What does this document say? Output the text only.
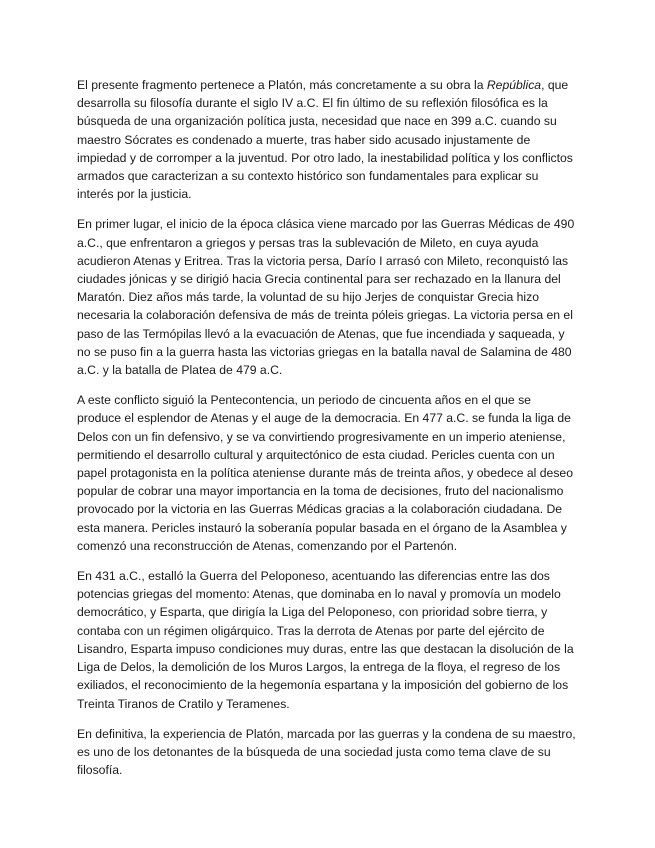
El presente fragmento pertenece a Platón, más concretamente a su obra la República, que desarrolla su filosofía durante el siglo IV a.C. El fin último de su reflexión filosófica es la búsqueda de una organización política justa, necesidad que nace en 399 a.C. cuando su maestro Sócrates es condenado a muerte, tras haber sido acusado injustamente de impiedad y de corromper a la juventud. Por otro lado, la inestabilidad política y los conflictos armados que caracterizan a su contexto histórico son fundamentales para explicar su interés por la justicia.

En primer lugar, el inicio de la época clásica viene marcado por las Guerras Médicas de 490 a.C., que enfrentaron a griegos y persas tras la sublevación de Mileto, en cuya ayuda acudieron Atenas y Eritrea. Tras la victoria persa, Darío I arrasó con Mileto, reconquistó las ciudades jónicas y se dirigió hacia Grecia continental para ser rechazado en la llanura del Maratón. Diez años más tarde, la voluntad de su hijo Jerjes de conquistar Grecia hizo necesaria la colaboración defensiva de más de treinta póleis griegas. La victoria persa en el paso de las Termópilas llevó a la evacuación de Atenas, que fue incendiada y saqueada, y no se puso fin a la guerra hasta las victorias griegas en la batalla naval de Salamina de 480 a.C. y la batalla de Platea de 479 a.C.

A este conflicto siguió la Pentecontencia, un periodo de cincuenta años en el que se produce el esplendor de Atenas y el auge de la democracia. En 477 a.C. se funda la liga de Delos con un fin defensivo, y se va convirtiendo progresivamente en un imperio ateniense, permitiendo el desarrollo cultural y arquitectónico de esta ciudad. Pericles cuenta con un papel protagonista en la política ateniense durante más de treinta años, y obedece al deseo popular de cobrar una mayor importancia en la toma de decisiones, fruto del nacionalismo provocado por la victoria en las Guerras Médicas gracias a la colaboración ciudadana. De esta manera. Pericles instauró la soberanía popular basada en el órgano de la Asamblea y comenzó una reconstrucción de Atenas, comenzando por el Partenón.

En 431 a.C., estalló la Guerra del Peloponeso, acentuando las diferencias entre las dos potencias griegas del momento: Atenas, que dominaba en lo naval y promovía un modelo democrático, y Esparta, que dirigía la Liga del Peloponeso, con prioridad sobre tierra, y contaba con un régimen oligárquico. Tras la derrota de Atenas por parte del ejército de Lisandro, Esparta impuso condiciones muy duras, entre las que destacan la disolución de la Liga de Delos, la demolición de los Muros Largos, la entrega de la floya, el regreso de los exiliados, el reconocimiento de la hegemonía espartana y la imposición del gobierno de los Treinta Tiranos de Cratilo y Teramenes.

En definitiva, la experiencia de Platón, marcada por las guerras y la condena de su maestro, es uno de los detonantes de la búsqueda de una sociedad justa como tema clave de su filosofía.
